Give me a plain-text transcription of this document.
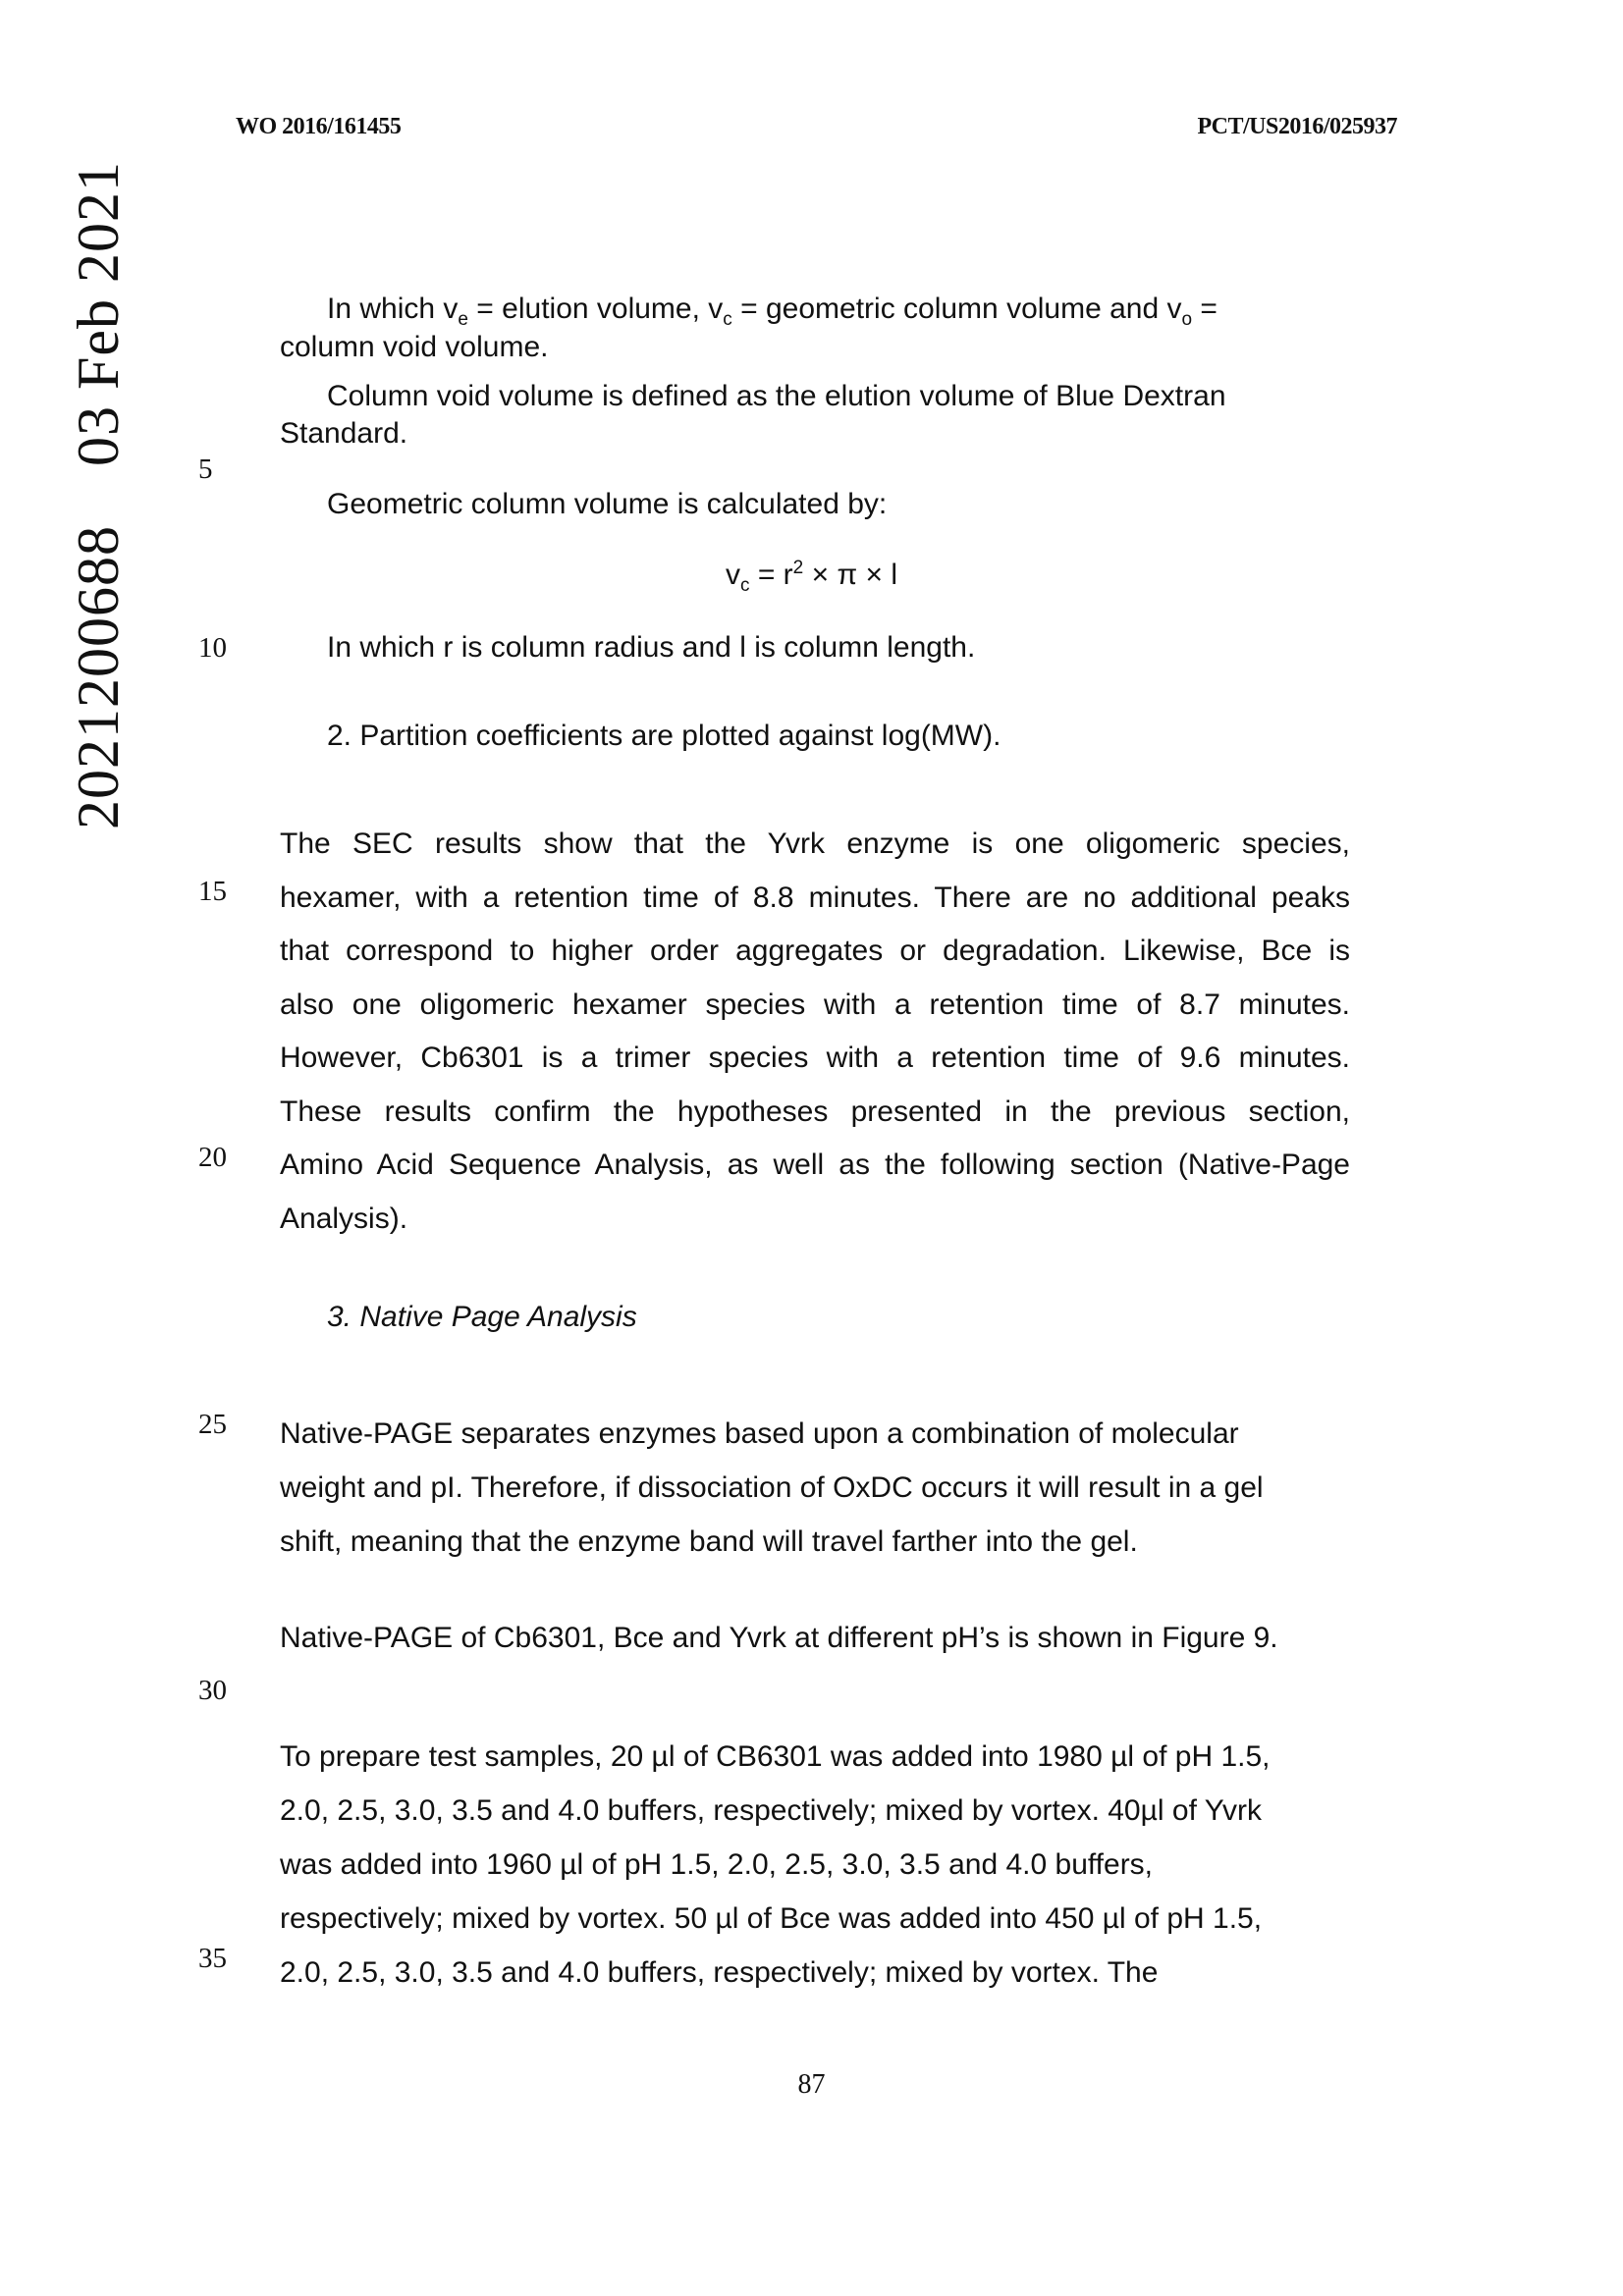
WO 2016/161455	PCT/US2016/025937
202120068803 Feb 2021
5
10
15
20
25
30
35
In which $v_e$ = elution volume, $v_c$ = geometric column volume and $v_o$ =
column void volume.
Column void volume is defined as the elution volume of Blue Dextran
Standard.
Geometric column volume is calculated by:
$v_c = r^2 \times \pi \times l$
In which r is column radius and l is column length.
2. Partition coefficients are plotted against log(MW).
The SEC results show that the Yvrk enzyme is one oligomeric species,
hexamer, with a retention time of 8.8 minutes. There are no additional peaks
that correspond to higher order aggregates or degradation. Likewise, Bce is
also one oligomeric hexamer species with a retention time of 8.7 minutes.
However, Cb6301 is a trimer species with a retention time of 9.6 minutes.
These results confirm the hypotheses presented in the previous section,
Amino Acid Sequence Analysis, as well as the following section (Native-Page
Analysis).
3. Native Page Analysis
Native-PAGE separates enzymes based upon a combination of molecular
weight and pI. Therefore, if dissociation of OxDC occurs it will result in a gel
shift, meaning that the enzyme band will travel farther into the gel.
Native-PAGE of Cb6301, Bce and Yvrk at different pH’s is shown in Figure 9.
To prepare test samples, 20 µl of CB6301 was added into 1980 µl of pH 1.5,
2.0, 2.5, 3.0, 3.5 and 4.0 buffers, respectively; mixed by vortex. 40µl of Yvrk
was added into 1960 µl of pH 1.5, 2.0, 2.5, 3.0, 3.5 and 4.0 buffers,
respectively; mixed by vortex. 50 µl of Bce was added into 450 µl of pH 1.5,
2.0, 2.5, 3.0, 3.5 and 4.0 buffers, respectively; mixed by vortex. The
87
